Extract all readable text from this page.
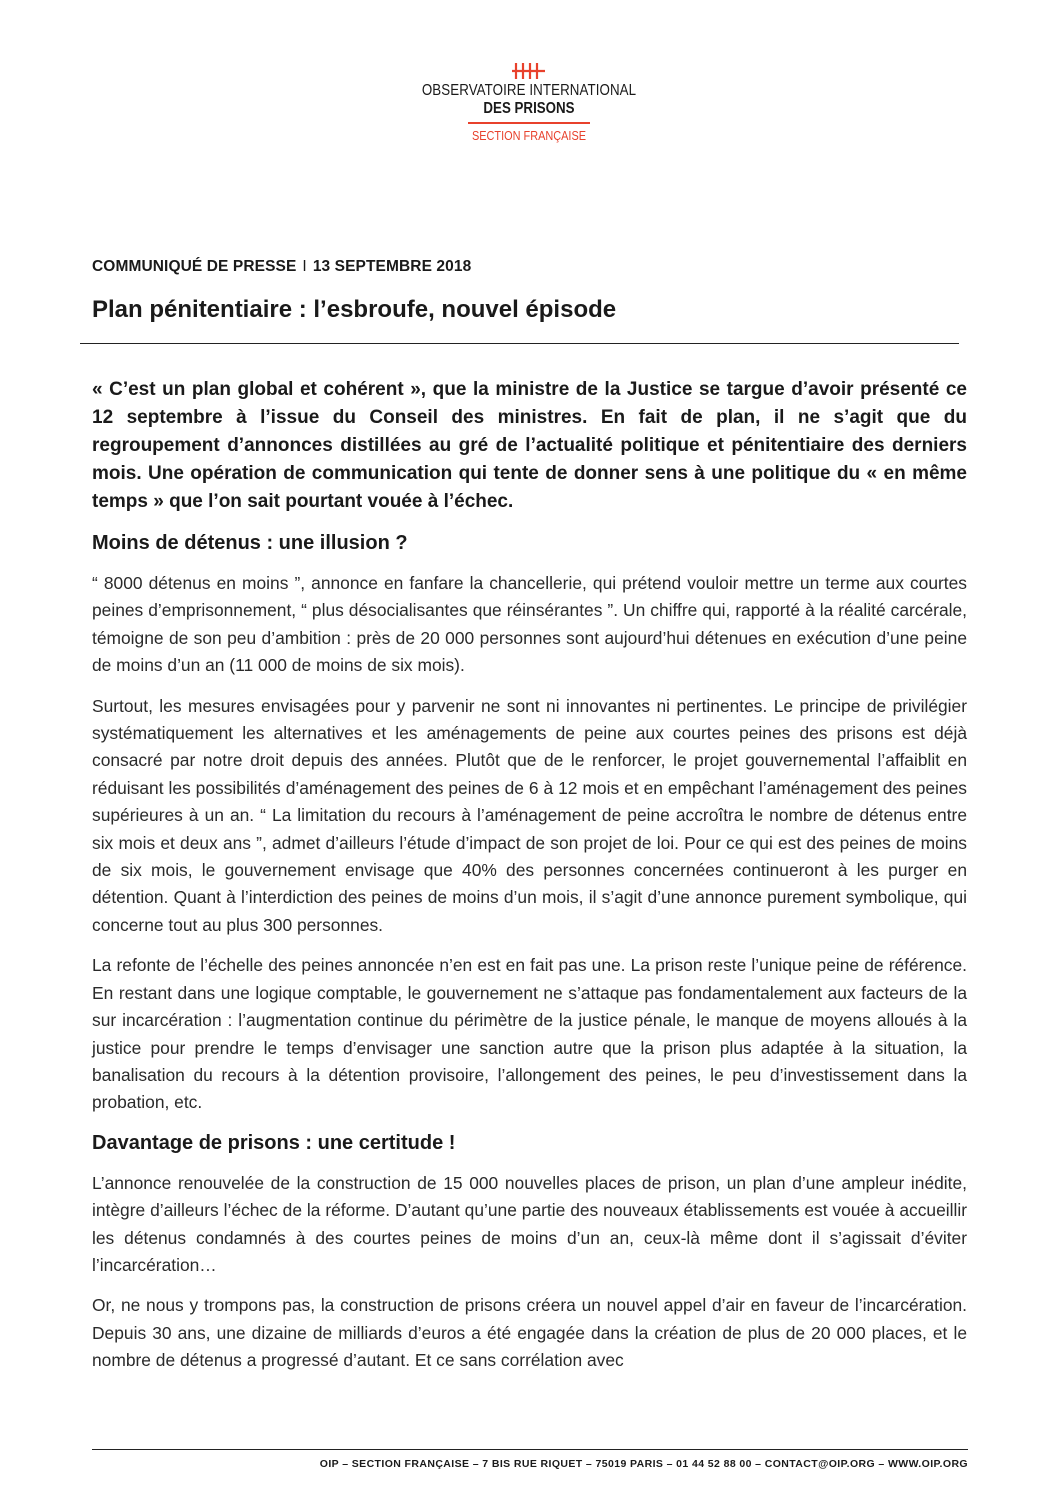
OBSERVATOIRE INTERNATIONAL
DES PRISONS
SECTION FRANÇAISE
COMMUNIQUÉ DE PRESSE I 13 SEPTEMBRE 2018
Plan pénitentiaire : l’esbroufe, nouvel épisode

« C’est un plan global et cohérent », que la ministre de la Justice se targue d’avoir présenté ce 12 septembre à l’issue du Conseil des ministres. En fait de plan, il ne s’agit que du regroupement d’annonces distillées au gré de l’actualité politique et pénitentiaire des derniers mois. Une opération de communication qui tente de donner sens à une politique du « en même temps » que l’on sait pourtant vouée à l’échec.

Moins de détenus : une illusion ?

“ 8000 détenus en moins ”, annonce en fanfare la chancellerie, qui prétend vouloir mettre un terme aux courtes peines d’emprisonnement, “ plus désocialisantes que réinsérantes ”. Un chiffre qui, rapporté à la réalité carcérale, témoigne de son peu d’ambition : près de 20 000 personnes sont aujourd’hui détenues en exécution d’une peine de moins d’un an (11 000 de moins de six mois).

Surtout, les mesures envisagées pour y parvenir ne sont ni innovantes ni pertinentes. Le principe de privilégier systématiquement les alternatives et les aménagements de peine aux courtes peines des prisons est déjà consacré par notre droit depuis des années. Plutôt que de le renforcer, le projet gouvernemental l’affaiblit en réduisant les possibilités d’aménagement des peines de 6 à 12 mois et en empêchant l’aménagement des peines supérieures à un an. “ La limitation du recours à l’aménagement de peine accroîtra le nombre de détenus entre six mois et deux ans ”, admet d’ailleurs l’étude d’impact de son projet de loi. Pour ce qui est des peines de moins de six mois, le gouvernement envisage que 40% des personnes concernées continueront à les purger en détention. Quant à l’interdiction des peines de moins d’un mois, il s’agit d’une annonce purement symbolique, qui concerne tout au plus 300 personnes.

La refonte de l’échelle des peines annoncée n’en est en fait pas une. La prison reste l’unique peine de référence. En restant dans une logique comptable, le gouvernement ne s’attaque pas fondamentalement aux facteurs de la sur incarcération : l’augmentation continue du périmètre de la justice pénale, le manque de moyens alloués à la justice pour prendre le temps d’envisager une sanction autre que la prison plus adaptée à la situation, la banalisation du recours à la détention provisoire, l’allongement des peines, le peu d’investissement dans la probation, etc.

Davantage de prisons : une certitude !

L’annonce renouvelée de la construction de 15 000 nouvelles places de prison, un plan d’une ampleur inédite, intègre d’ailleurs l’échec de la réforme. D’autant qu’une partie des nouveaux établissements est vouée à accueillir les détenus condamnés à des courtes peines de moins d’un an, ceux-là même dont il s’agissait d’éviter l’incarcération…

Or, ne nous y trompons pas, la construction de prisons créera un nouvel appel d’air en faveur de l’incarcération. Depuis 30 ans, une dizaine de milliards d’euros a été engagée dans la création de plus de 20 000 places, et le nombre de détenus a progressé d’autant. Et ce sans corrélation avec

OIP – SECTION FRANÇAISE – 7 BIS RUE RIQUET – 75019 PARIS – 01 44 52 88 00 – CONTACT@OIP.ORG – WWW.OIP.ORG
